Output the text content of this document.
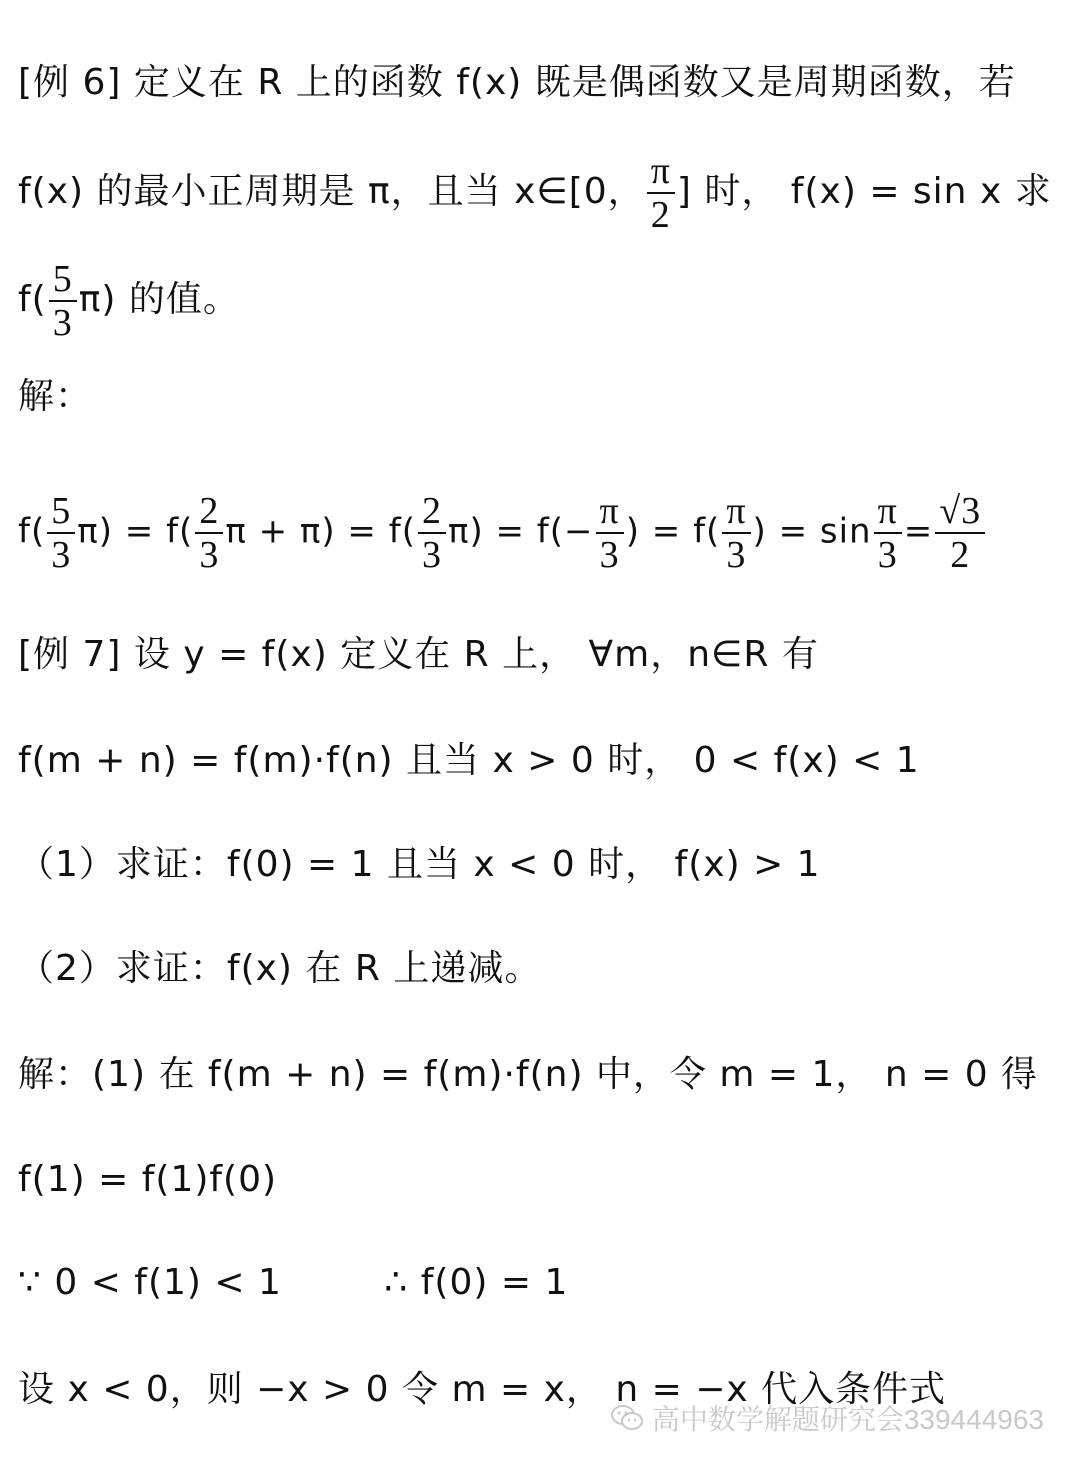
[例 6] 定义在 R 上的函数 f(x) 既是偶函数又是周期函数，若
f(x) 的最小正周期是 π，且当 x∈[0， $\frac{\pi}{2}$ ] 时， f(x) = sin x 求
$f( \frac{5}{3} \pi)$ 的值。
解：
$f( \frac{5}{3} \pi) = f( \frac{2}{3}$ $\pi + \pi) = f( \frac{2}{3} \pi) = f(- \frac{\pi}{3}$ ) = $f( \frac{\pi}{3}$ ) = $\sin \frac{\pi}{3} = \frac{√3}{2}$
[例 7] 设 y = f(x) 定义在 R 上， ∀m，n∈R 有
f(m + n) = f(m)·f(n) 且当 x > 0 时， 0 < f(x) < 1
（1）求证：f(0) = 1 且当 x < 0 时， f(x) > 1
（2）求证：f(x) 在 R 上递减。
解：(1) 在 f(m + n) = f(m)·f(n) 中，令 m = 1， n = 0 得
f(1) = f(1)f(0)
∵ 0 < f(1) < 1	∴ f(0) = 1
设 x < 0，则 −x > 0 令 m = x， n = −x 代入条件式
高中数学解题研究会339444963
